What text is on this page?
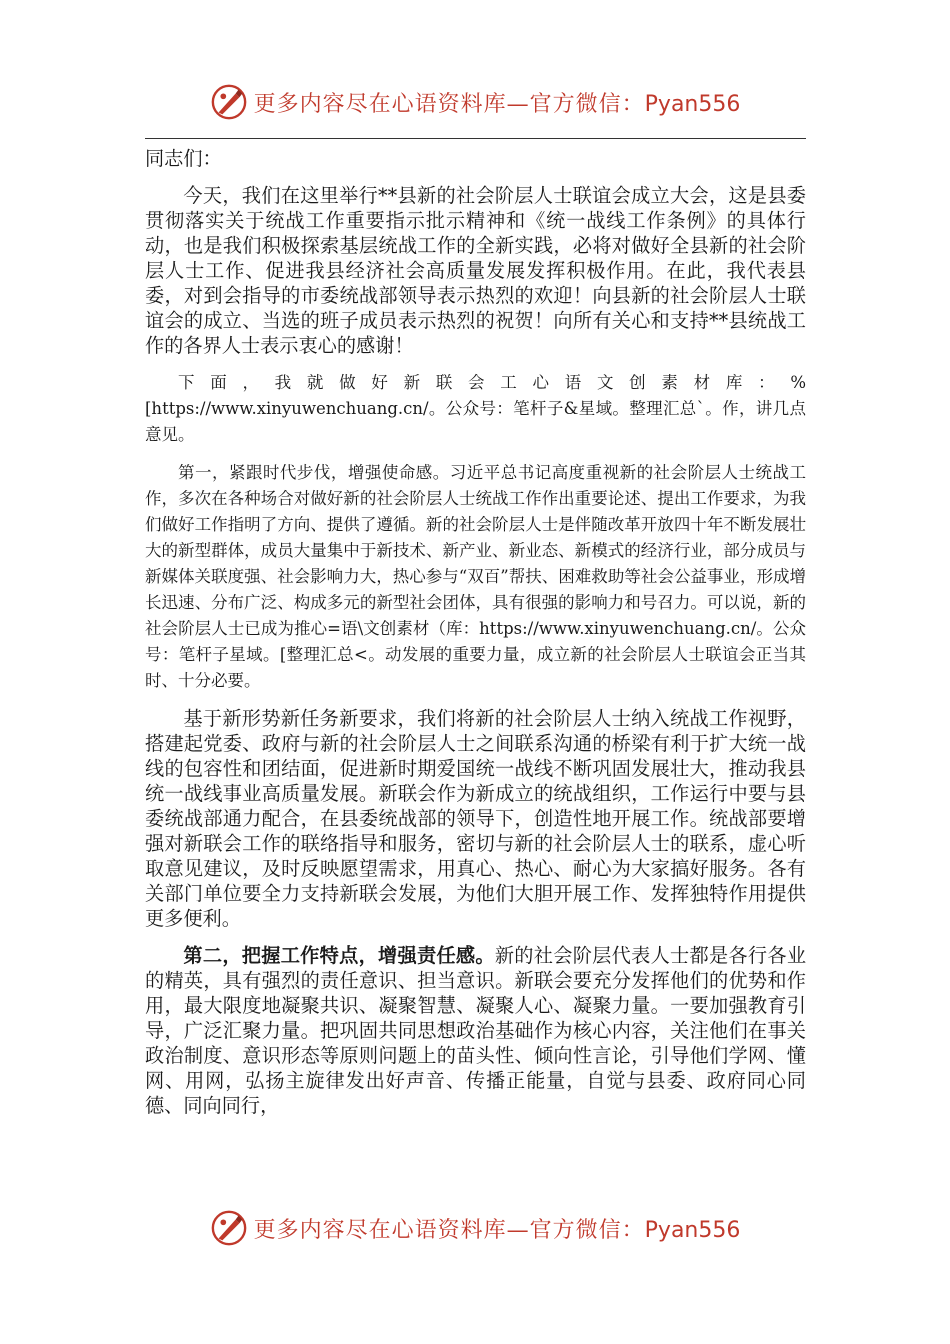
更多内容尽在心语资料库—官方微信：Pyan556

同志们：

今天，我们在这里举行**县新的社会阶层人士联谊会成立大会，这是县委贯彻落实关于统战工作重要指示批示精神和《统一战线工作条例》的具体行动，也是我们积极探索基层统战工作的全新实践，必将对做好全县新的社会阶层人士工作、促进我县经济社会高质量发展发挥积极作用。在此，我代表县委，对到会指导的市委统战部领导表示热烈的欢迎！向县新的社会阶层人士联谊会的成立、当选的班子成员表示热烈的祝贺！向所有关心和支持**县统战工作的各界人士表示衷心的感谢！

下面，我就做好新联会工心语文创素材库：%[https://www.xinyuwenchuang.cn/。公众号：笔杆子&星域。整理汇总`。作，讲几点意见。

第一，紧跟时代步伐，增强使命感。习近平总书记高度重视新的社会阶层人士统战工作，多次在各种场合对做好新的社会阶层人士统战工作作出重要论述、提出工作要求，为我们做好工作指明了方向、提供了遵循。新的社会阶层人士是伴随改革开放四十年不断发展壮大的新型群体，成员大量集中于新技术、新产业、新业态、新模式的经济行业，部分成员与新媒体关联度强、社会影响力大，热心参与“双百”帮扶、困难救助等社会公益事业，形成增长迅速、分布广泛、构成多元的新型社会团体，具有很强的影响力和号召力。可以说，新的社会阶层人士已成为推心=语\文创素材（库：https://www.xinyuwenchuang.cn/。公众号：笔杆子星域。[整理汇总<。动发展的重要力量，成立新的社会阶层人士联谊会正当其时、十分必要。

基于新形势新任务新要求，我们将新的社会阶层人士纳入统战工作视野，搭建起党委、政府与新的社会阶层人士之间联系沟通的桥梁有利于扩大统一战线的包容性和团结面，促进新时期爱国统一战线不断巩固发展壮大，推动我县统一战线事业高质量发展。新联会作为新成立的统战组织，工作运行中要与县委统战部通力配合，在县委统战部的领导下，创造性地开展工作。统战部要增强对新联会工作的联络指导和服务，密切与新的社会阶层人士的联系，虚心听取意见建议，及时反映愿望需求，用真心、热心、耐心为大家搞好服务。各有关部门单位要全力支持新联会发展，为他们大胆开展工作、发挥独特作用提供更多便利。

第二，把握工作特点，增强责任感。新的社会阶层代表人士都是各行各业的精英，具有强烈的责任意识、担当意识。新联会要充分发挥他们的优势和作用，最大限度地凝聚共识、凝聚智慧、凝聚人心、凝聚力量。一要加强教育引导，广泛汇聚力量。把巩固共同思想政治基础作为核心内容，关注他们在事关政治制度、意识形态等原则问题上的苗头性、倾向性言论，引导他们学网、懂网、用网，弘扬主旋律发出好声音、传播正能量，自觉与县委、政府同心同德、同向同行，

更多内容尽在心语资料库—官方微信：Pyan556
